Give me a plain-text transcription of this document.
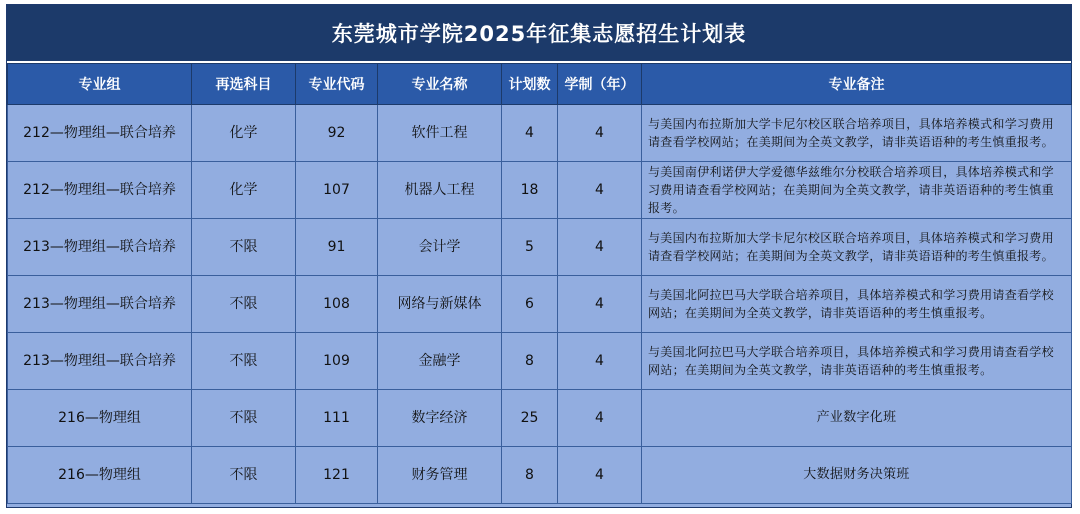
东莞城市学院2025年征集志愿招生计划表
专业组	再选科目	专业代码	专业名称	计划数	学制（年）	专业备注
212—物理组—联合培养	化学	92	软件工程	4	4	与美国内布拉斯加大学卡尼尔校区联合培养项目，具体培养模式和学习费用请查看学校网站；在美期间为全英文教学，请非英语语种的考生慎重报考。
212—物理组—联合培养	化学	107	机器人工程	18	4	与美国南伊利诺伊大学爱德华兹维尔分校联合培养项目，具体培养模式和学习费用请查看学校网站；在美期间为全英文教学，请非英语语种的考生慎重报考。
213—物理组—联合培养	不限	91	会计学	5	4	与美国内布拉斯加大学卡尼尔校区联合培养项目，具体培养模式和学习费用请查看学校网站；在美期间为全英文教学，请非英语语种的考生慎重报考。
213—物理组—联合培养	不限	108	网络与新媒体	6	4	与美国北阿拉巴马大学联合培养项目，具体培养模式和学习费用请查看学校网站；在美期间为全英文教学，请非英语语种的考生慎重报考。
213—物理组—联合培养	不限	109	金融学	8	4	与美国北阿拉巴马大学联合培养项目，具体培养模式和学习费用请查看学校网站；在美期间为全英文教学，请非英语语种的考生慎重报考。
216—物理组	不限	111	数字经济	25	4	产业数字化班
216—物理组	不限	121	财务管理	8	4	大数据财务决策班
